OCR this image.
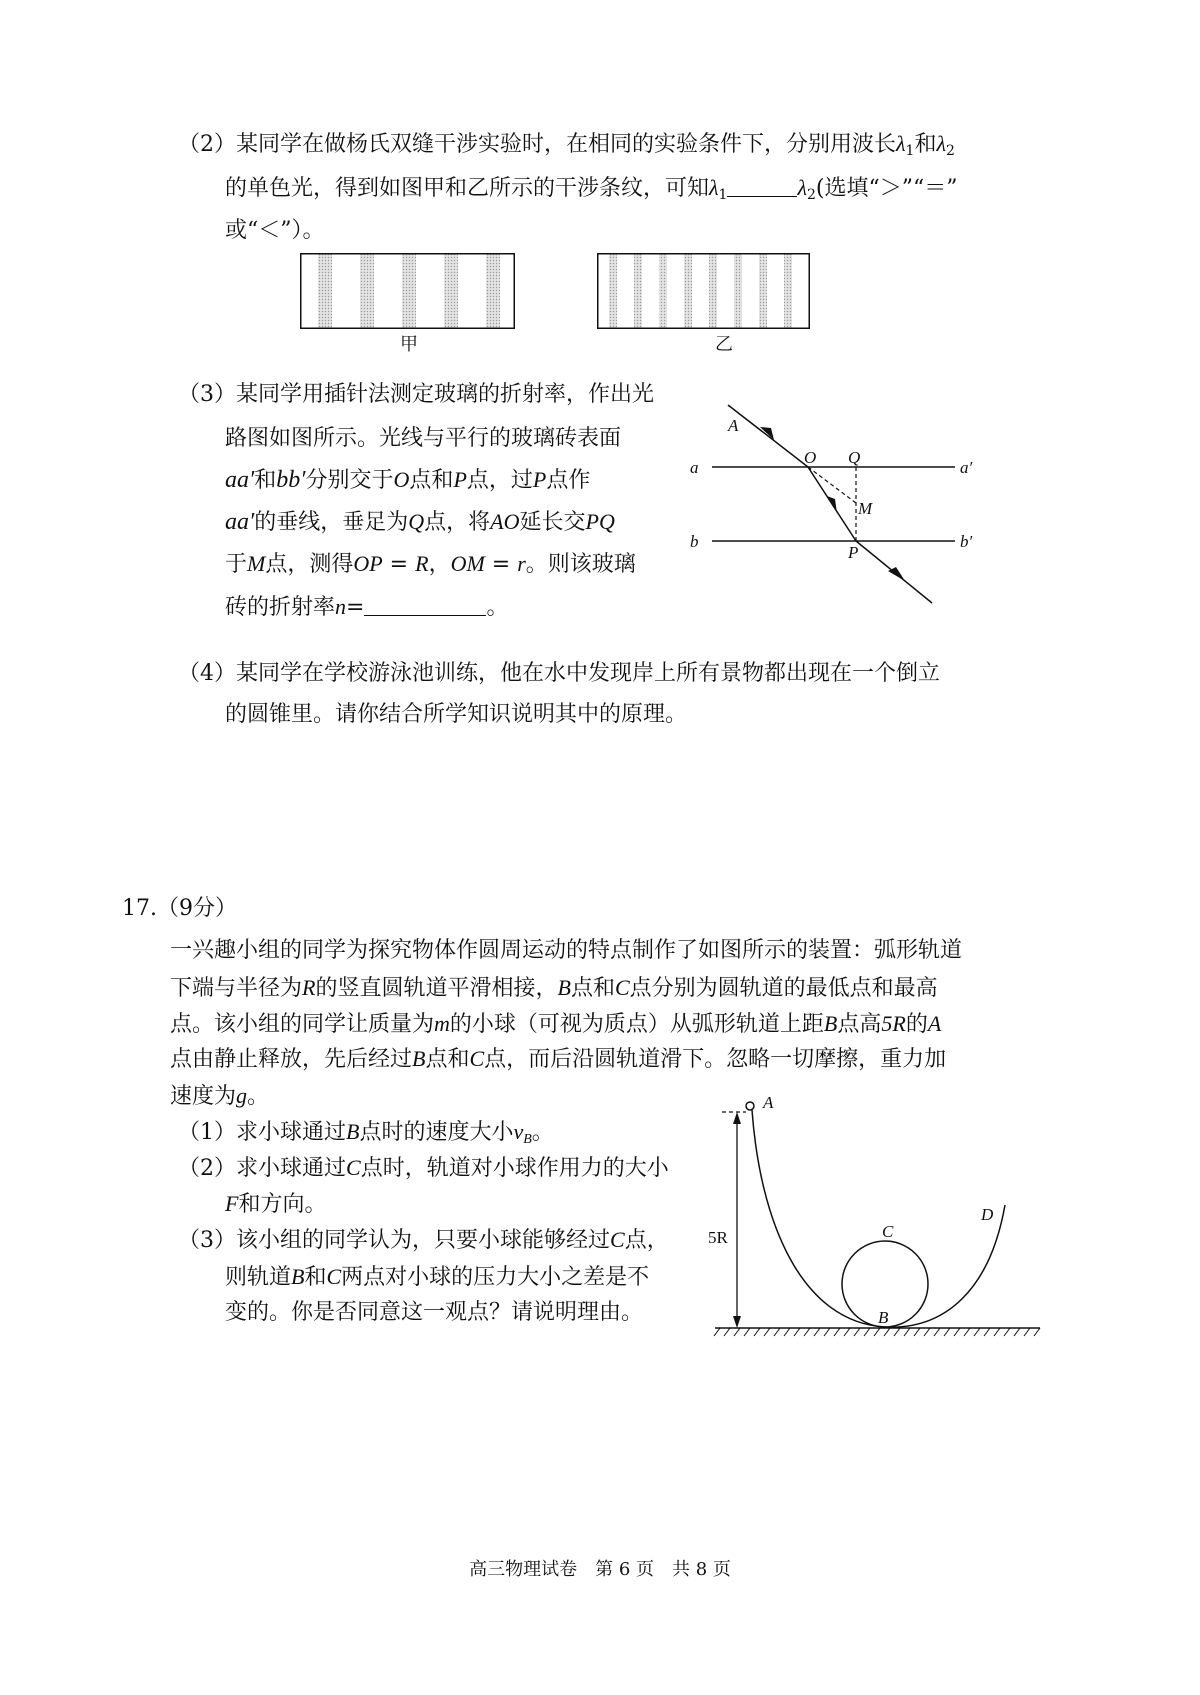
（2）某同学在做杨氏双缝干涉实验时，在相同的实验条件下，分别用波长$\lambda_1$和$\lambda_2$
的单色光，得到如图甲和乙所示的干涉条纹，可知$\lambda_1$	$\lambda_2$(选填“＞”“＝”
或“＜”）。
甲	乙
（3）某同学用插针法测定玻璃的折射率，作出光
路图如图所示。光线与平行的玻璃砖表面
aa′和bb′分别交于O点和P点，过P点作
aa′的垂线，垂足为Q点，将AO延长交PQ
于M点，测得OP = R，OM = r。则该玻璃
砖的折射率n=	。
A
O Q
a	a′
M
b	b′
P
（4）某同学在学校游泳池训练，他在水中发现岸上所有景物都出现在一个倒立
的圆锥里。请你结合所学知识说明其中的原理。
17.（9分）
一兴趣小组的同学为探究物体作圆周运动的特点制作了如图所示的装置：弧形轨道
下端与半径为R的竖直圆轨道平滑相接，B点和C点分别为圆轨道的最低点和最高
点。该小组的同学让质量为m的小球（可视为质点）从弧形轨道上距B点高5R的A
点由静止释放，先后经过B点和C点，而后沿圆轨道滑下。忽略一切摩擦，重力加
速度为g。
（1）求小球通过B点时的速度大小$v_B$。
（2）求小球通过C点时，轨道对小球作用力的大小
F和方向。
（3）该小组的同学认为，只要小球能够经过C点，
则轨道B和C两点对小球的压力大小之差是不
变的。你是否同意这一观点？请说明理由。
A
C
D
B
5R
高三物理试卷　第 6 页　共 8 页
